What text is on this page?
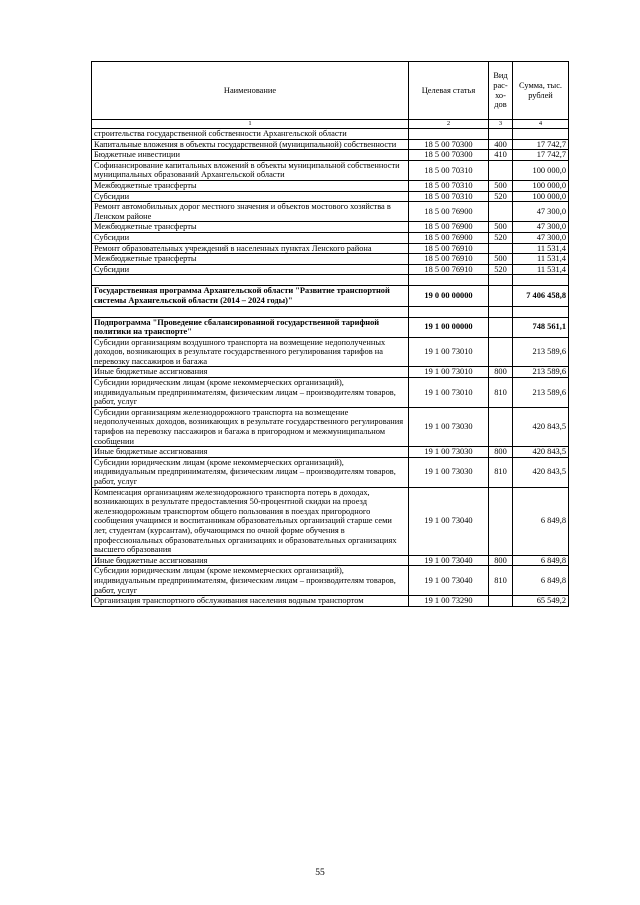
Наименование	Целевая статья	Вид рас-хо-дов	Сумма, тыс. рублей
1	2	3	4
строительства государственной собственности Архангельской области			
Капитальные вложения в объекты государственной (муниципальной) собственности	18 5 00 70300	400	17 742,7
Бюджетные инвестиции	18 5 00 70300	410	17 742,7
Софинансирование капитальных вложений в объекты муниципальной собственности муниципальных образований Архангельской области	18 5 00 70310		100 000,0
Межбюджетные трансферты	18 5 00 70310	500	100 000,0
Субсидии	18 5 00 70310	520	100 000,0
Ремонт автомобильных дорог местного значения и объектов мостового хозяйства в Ленском районе	18 5 00 76900		47 300,0
Межбюджетные трансферты	18 5 00 76900	500	47 300,0
Субсидии	18 5 00 76900	520	47 300,0
Ремонт образовательных учреждений в населенных пунктах Ленского района	18 5 00 76910		11 531,4
Межбюджетные трансферты	18 5 00 76910	500	11 531,4
Субсидии	18 5 00 76910	520	11 531,4

Государственная программа Архангельской области "Развитие транспортной системы Архангельской области (2014 – 2024 годы)"	19 0 00 00000		7 406 458,8

Подпрограмма "Проведение сбалансированной государственной тарифной политики на транспорте"	19 1 00 00000		748 561,1
Субсидии организациям воздушного транспорта на возмещение недополученных доходов, возникающих в результате государственного регулирования тарифов на перевозку пассажиров и багажа	19 1 00 73010		213 589,6
Иные бюджетные ассигнования	19 1 00 73010	800	213 589,6
Субсидии юридическим лицам (кроме некоммерческих организаций), индивидуальным предпринимателям, физическим лицам – производителям товаров, работ, услуг	19 1 00 73010	810	213 589,6
Субсидии организациям железнодорожного транспорта на возмещение недополученных доходов, возникающих в результате государственного регулирования тарифов на перевозку пассажиров и багажа в пригородном и межмуниципальном сообщении	19 1 00 73030		420 843,5
Иные бюджетные ассигнования	19 1 00 73030	800	420 843,5
Субсидии юридическим лицам (кроме некоммерческих организаций), индивидуальным предпринимателям, физическим лицам – производителям товаров, работ, услуг	19 1 00 73030	810	420 843,5
Компенсация организациям железнодорожного транспорта потерь в доходах, возникающих в результате предоставления 50-процентной скидки на проезд железнодорожным транспортом общего пользования в поездах пригородного сообщения учащимся и воспитанникам образовательных организаций старше семи лет, студентам (курсантам), обучающимся по очной форме обучения в профессиональных образовательных организациях и образовательных организациях высшего образования	19 1 00 73040		6 849,8
Иные бюджетные ассигнования	19 1 00 73040	800	6 849,8
Субсидии юридическим лицам (кроме некоммерческих организаций), индивидуальным предпринимателям, физическим лицам – производителям товаров, работ, услуг	19 1 00 73040	810	6 849,8
Организация транспортного обслуживания населения водным транспортом	19 1 00 73290		65 549,2
55
